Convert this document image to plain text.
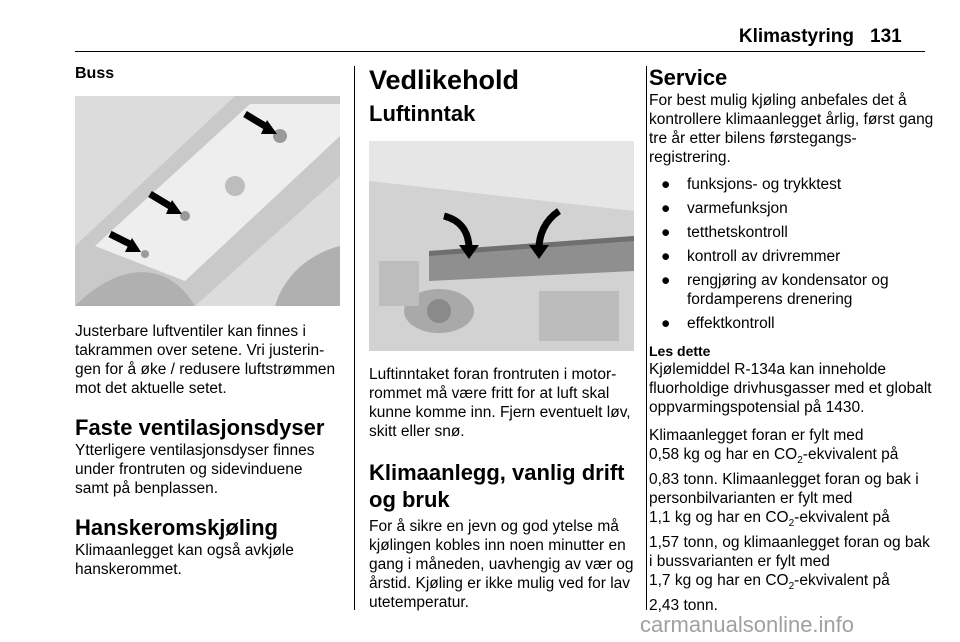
Klimastyring 131
Buss

Justerbare luftventiler kan finnes i takrammen over setene. Vri justerin-gen for å øke / redusere luftstrømmen mot det aktuelle setet.

Faste ventilasjonsdyser

Ytterligere ventilasjonsdyser finnes under frontruten og sidevinduene samt på benplassen.

Hanskeromskjøling

Klimaanlegget kan også avkjøle hanskerommet.

Vedlikehold
Luftinntak

Luftinntaket foran frontruten i motor-rommet må være fritt for at luft skal kunne komme inn. Fjern eventuelt løv, skitt eller snø.

Klimaanlegg, vanlig drift og bruk

For å sikre en jevn og god ytelse må kjølingen kobles inn noen minutter en gang i måneden, uavhengig av vær og årstid. Kjøling er ikke mulig ved for lav utetemperatur.

Service

For best mulig kjøling anbefales det å kontrollere klimaanlegget årlig, først gang tre år etter bilens førstegangs-registrering.

● funksjons- og trykktest
● varmefunksjon
● tetthetskontroll
● kontroll av drivremmer
● rengjøring av kondensator og fordamperens drenering
● effektkontroll
Les dette

Kjølemiddel R-134a kan inneholde fluorholdige drivhusgasser med et globalt oppvarmingspotensial på 1430.

Klimaanlegget foran er fylt med

0,58 kg og har en $CO_2$-ekvivalent på

0,83 tonn. Klimaanlegget foran og bak i personbilvarianten er fylt med

1,1 kg og har en $CO_2$-ekvivalent på

1,57 tonn, og klimaanlegget foran og bak i bussvarianten er fylt med

1,7 kg og har en $CO_2$-ekvivalent på

2,43 tonn.

carmanualsonline.info
